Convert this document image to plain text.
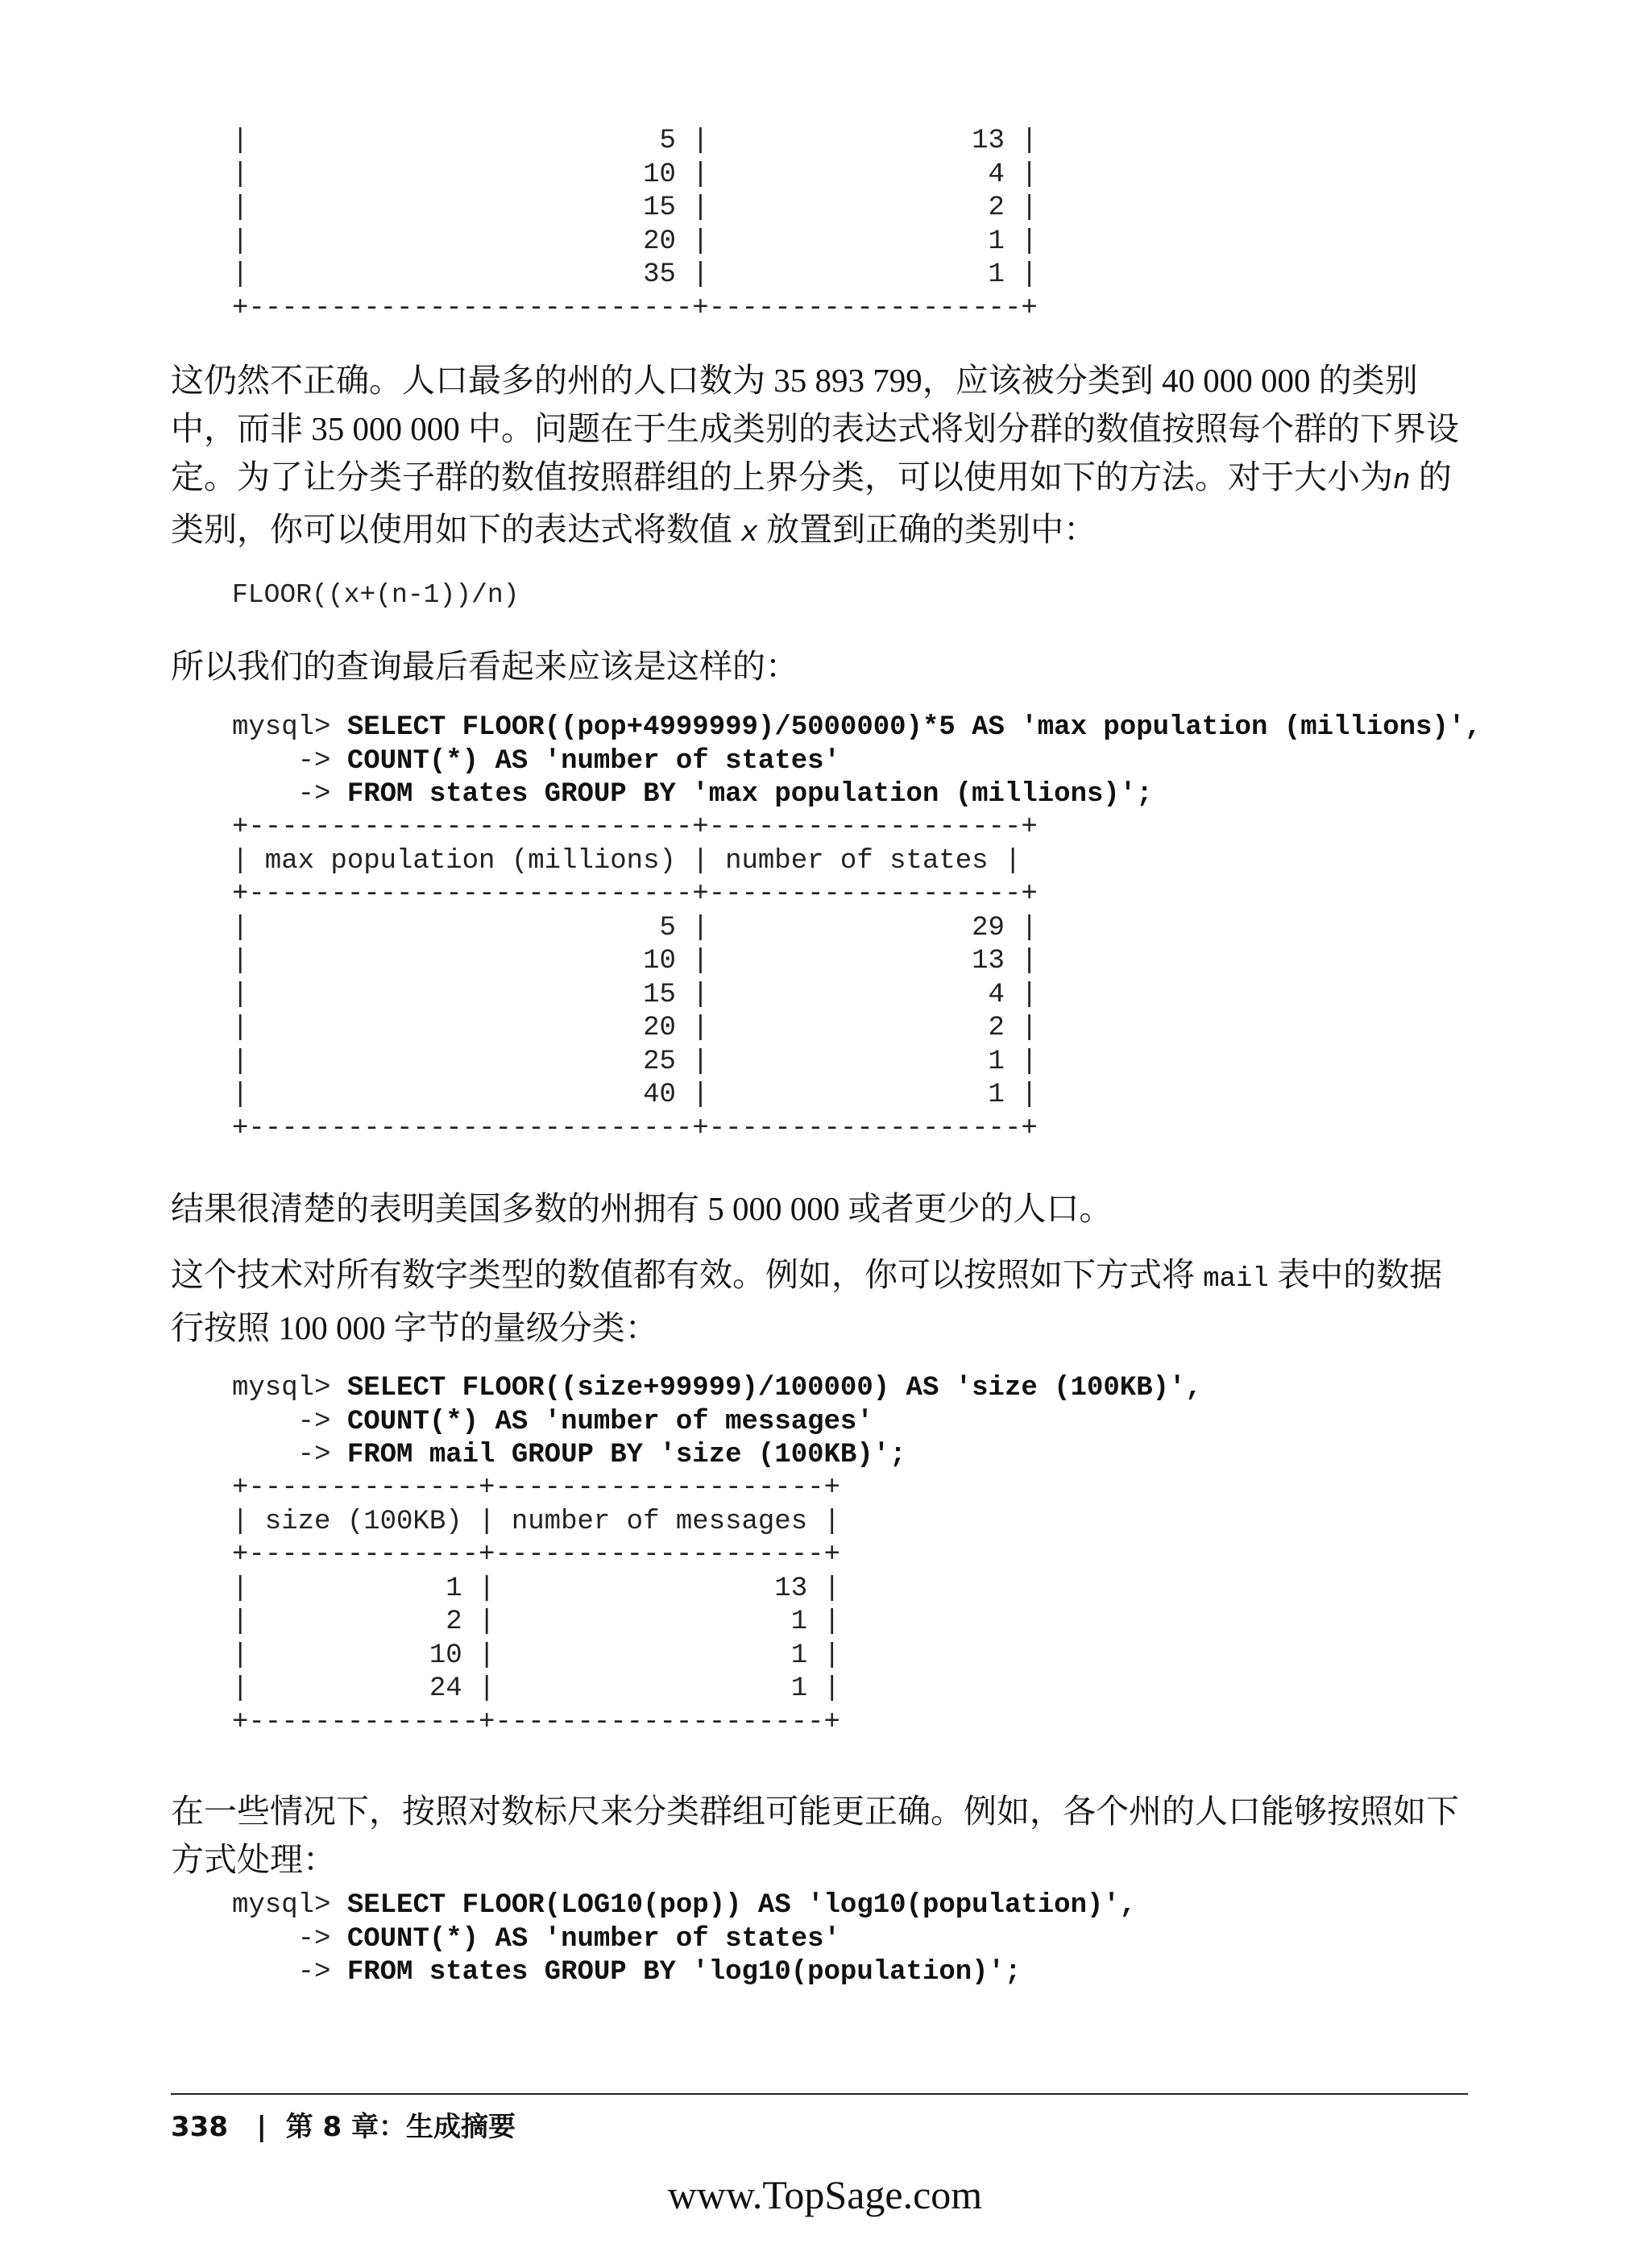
|                         5 |                13 |
|                        10 |                 4 |
|                        15 |                 2 |
|                        20 |                 1 |
|                        35 |                 1 |
+---------------------------+-------------------+

这仍然不正确。人口最多的州的人口数为 35 893 799，应该被分类到 40 000 000 的类别中，而非 35 000 000 中。问题在于生成类别的表达式将划分群的数值按照每个群的下界设定。为了让分类子群的数值按照群组的上界分类，可以使用如下的方法。对于大小为n 的类别，你可以使用如下的表达式将数值 x 放置到正确的类别中：

FLOOR((x+(n-1))/n)

所以我们的查询最后看起来应该是这样的：

mysql> SELECT FLOOR((pop+4999999)/5000000)*5 AS 'max population (millions)',
-> COUNT(*) AS 'number of states'
-> FROM states GROUP BY 'max population (millions)';
+---------------------------+-------------------+
| max population (millions) | number of states |
+---------------------------+-------------------+
|                         5 |                29 |
|                        10 |                13 |
|                        15 |                 4 |
|                        20 |                 2 |
|                        25 |                 1 |
|                        40 |                 1 |
+---------------------------+-------------------+

结果很清楚的表明美国多数的州拥有 5 000 000 或者更少的人口。

这个技术对所有数字类型的数值都有效。例如，你可以按照如下方式将 mail 表中的数据行按照 100 000 字节的量级分类：

mysql> SELECT FLOOR((size+99999)/100000) AS 'size (100KB)',
-> COUNT(*) AS 'number of messages'
-> FROM mail GROUP BY 'size (100KB)';
+--------------+--------------------+
| size (100KB) | number of messages |
+--------------+--------------------+
|            1 |                 13 |
|            2 |                  1 |
|           10 |                  1 |
|           24 |                  1 |
+--------------+--------------------+

在一些情况下，按照对数标尺来分类群组可能更正确。例如，各个州的人口能够按照如下方式处理：

mysql> SELECT FLOOR(LOG10(pop)) AS 'log10(population)',
-> COUNT(*) AS 'number of states'
-> FROM states GROUP BY 'log10(population)';
338 | 第 8 章：生成摘要
www.TopSage.com
